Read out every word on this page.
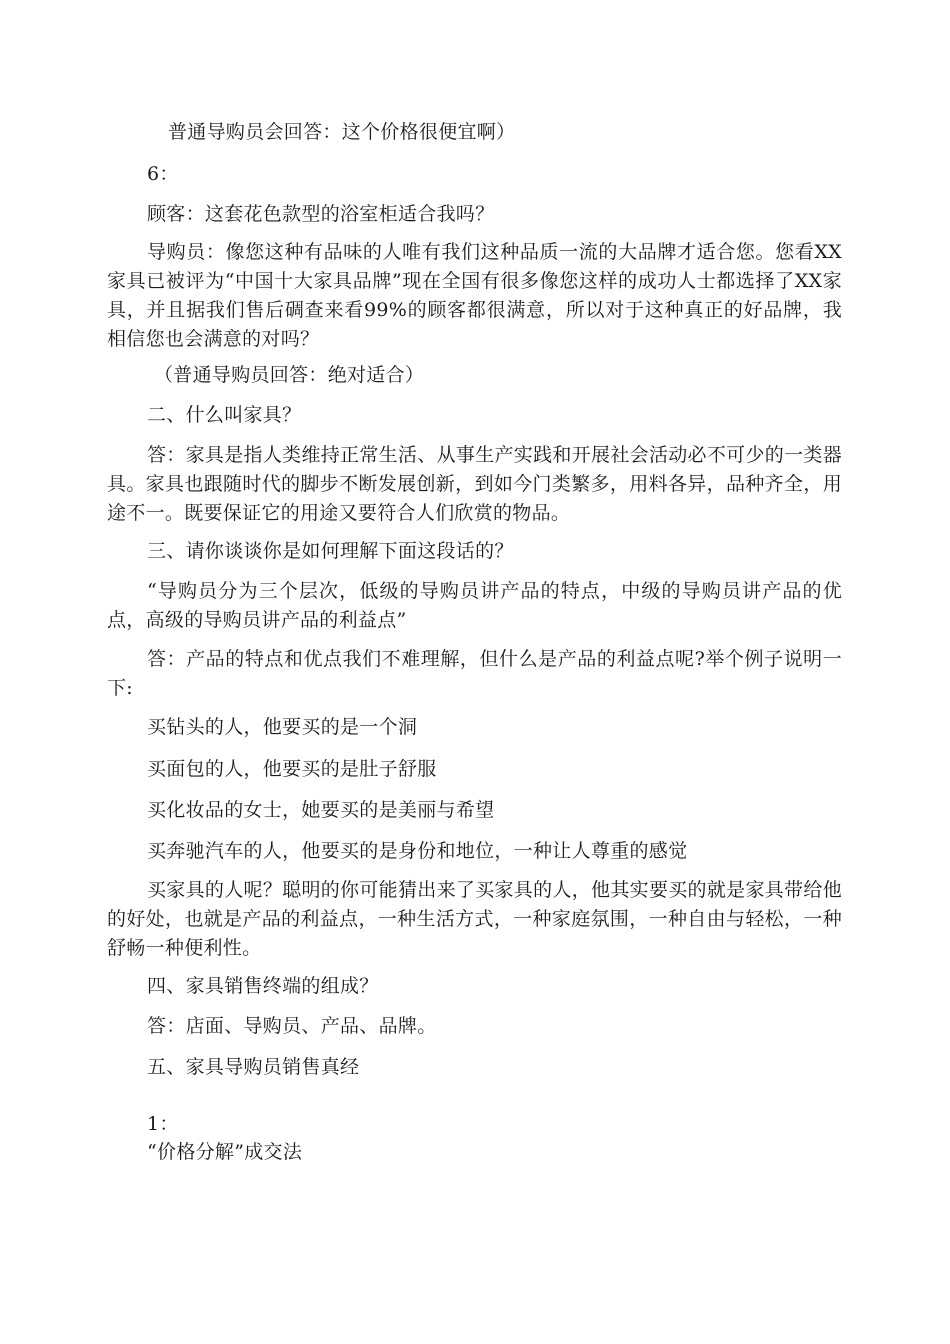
普通导购员会回答：这个价格很便宜啊）

6：

顾客：这套花色款型的浴室柜适合我吗？

导购员：像您这种有品味的人唯有我们这种品质一流的大品牌才适合您。您看XX家具已被评为“中国十大家具品牌”现在全国有很多像您这样的成功人士都选择了XX家具，并且据我们售后碉查来看99%的顾客都很满意，所以对于这种真正的好品牌，我相信您也会满意的对吗？

（普通导购员回答：绝对适合）

二、什么叫家具？

答：家具是指人类维持正常生活、从事生产实践和开展社会活动必不可少的一类器具。家具也跟随时代的脚步不断发展创新，到如今门类繁多，用料各异，品种齐全，用途不一。既要保证它的用途又要符合人们欣赏的物品。

三、请你谈谈你是如何理解下面这段话的？

“导购员分为三个层次，低级的导购员讲产品的特点，中级的导购员讲产品的优点，高级的导购员讲产品的利益点”

答：产品的特点和优点我们不难理解，但什么是产品的利益点呢?举个例子说明一下:

买钻头的人，他要买的是一个洞

买面包的人，他要买的是肚子舒服

买化妆品的女士，她要买的是美丽与希望

买奔驰汽车的人，他要买的是身份和地位，一种让人尊重的感觉

买家具的人呢？聪明的你可能猜出来了买家具的人，他其实要买的就是家具带给他的好处，也就是产品的利益点，一种生活方式，一种家庭氛围，一种自由与轻松，一种舒畅一种便利性。

四、家具销售终端的组成？

答：店面、导购员、产品、品牌。

五、家具导购员销售真经

1：

“价格分解”成交法
